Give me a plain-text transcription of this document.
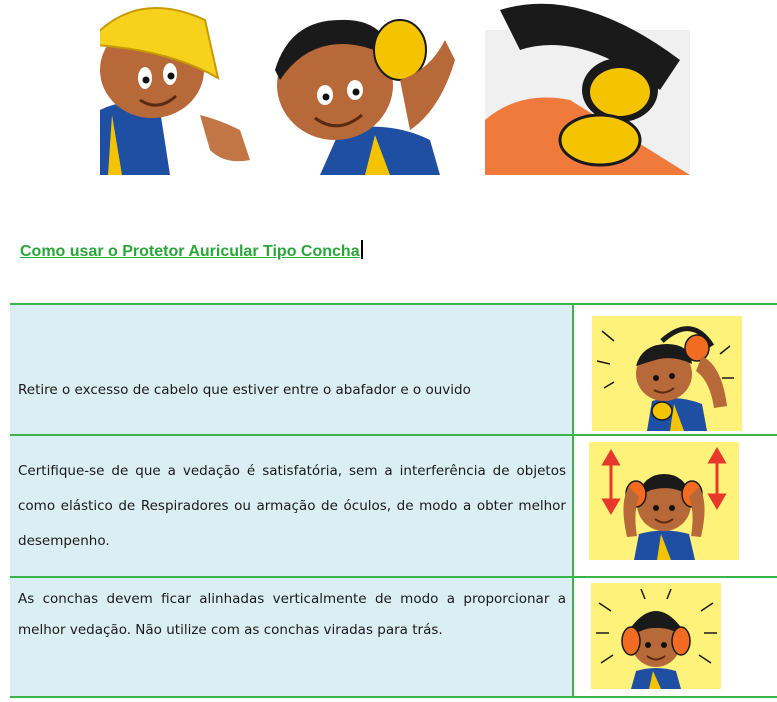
Como usar o Protetor Auricular Tipo Concha
Retire o excesso de cabelo que estiver entre o abafador e o ouvido
Certifique-se de que a vedação é satisfatória, sem a interferência de objetos como elástico de Respiradores ou armação de óculos, de modo a obter melhor desempenho.
As conchas devem ficar alinhadas verticalmente de modo a proporcionar a melhor vedação. Não utilize com as conchas viradas para trás.
